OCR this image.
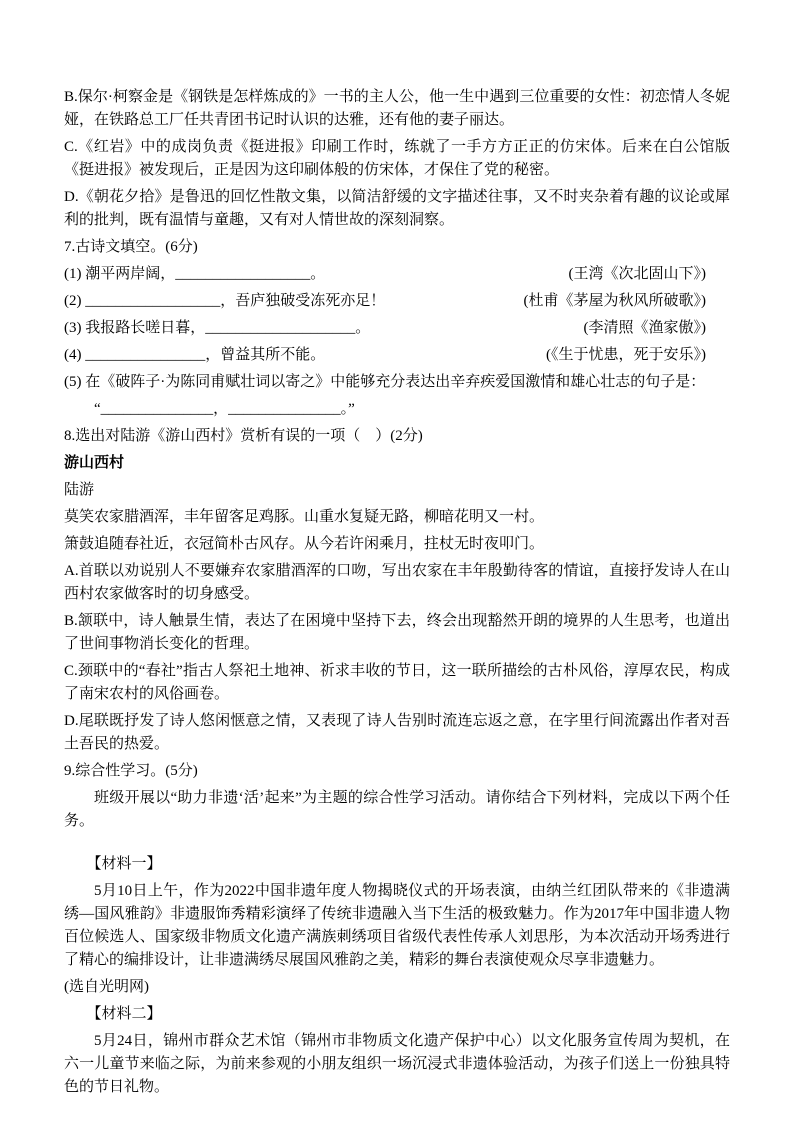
B.保尔·柯察金是《钢铁是怎样炼成的》一书的主人公，他一生中遇到三位重要的女性：初恋情人冬妮娅，在铁路总工厂任共青团书记时认识的达雅，还有他的妻子丽达。

C.《红岩》中的成岗负责《挺进报》印刷工作时，练就了一手方方正正的仿宋体。后来在白公馆版《挺进报》被发现后，正是因为这印刷体般的仿宋体，才保住了党的秘密。

D.《朝花夕拾》是鲁迅的回忆性散文集，以简洁舒缓的文字描述往事，又不时夹杂着有趣的议论或犀利的批判，既有温情与童趣，又有对人情世故的深刻洞察。

7.古诗文填空。(6分)

(1) 潮平两岸阔，__________________。	(王湾《次北固山下》)
(2) __________________，吾庐独破受冻死亦足！	(杜甫《茅屋为秋风所破歌》)
(3) 我报路长嗟日暮，____________________。	(李清照《渔家傲》)
(4) ________________，曾益其所不能。	(《生于忧患，死于安乐》)

(5) 在《破阵子·为陈同甫赋壮词以寄之》中能够充分表达出辛弃疾爱国激情和雄心壮志的句子是：

“_______________，_______________。”

8.选出对陆游《游山西村》赏析有误的一项（　）(2分)

游山西村

陆游

莫笑农家腊酒浑，丰年留客足鸡豚。山重水复疑无路，柳暗花明又一村。

箫鼓追随春社近，衣冠简朴古风存。从今若许闲乘月，拄杖无时夜叩门。

A.首联以劝说别人不要嫌弃农家腊酒浑的口吻，写出农家在丰年殷勤待客的情谊，直接抒发诗人在山西村农家做客时的切身感受。

B.颔联中，诗人触景生情，表达了在困境中坚持下去，终会出现豁然开朗的境界的人生思考，也道出了世间事物消长变化的哲理。

C.颈联中的“春社”指古人祭祀土地神、祈求丰收的节日，这一联所描绘的古朴风俗，淳厚农民，构成了南宋农村的风俗画卷。

D.尾联既抒发了诗人悠闲惬意之情，又表现了诗人告别时流连忘返之意，在字里行间流露出作者对吾土吾民的热爱。

9.综合性学习。(5分)

班级开展以“助力非遗‘活’起来”为主题的综合性学习活动。请你结合下列材料，完成以下两个任务。

【材料一】

5月10日上午，作为2022中国非遗年度人物揭晓仪式的开场表演，由纳兰红团队带来的《非遗满绣—国风雅韵》非遗服饰秀精彩演绎了传统非遗融入当下生活的极致魅力。作为2017年中国非遗人物百位候选人、国家级非物质文化遗产满族刺绣项目省级代表性传承人刘思彤，为本次活动开场秀进行了精心的编排设计，让非遗满绣尽展国风雅韵之美，精彩的舞台表演使观众尽享非遗魅力。

(选自光明网)

【材料二】

5月24日，锦州市群众艺术馆（锦州市非物质文化遗产保护中心）以文化服务宣传周为契机，在六一儿童节来临之际，为前来参观的小朋友组织一场沉浸式非遗体验活动，为孩子们送上一份独具特色的节日礼物。
